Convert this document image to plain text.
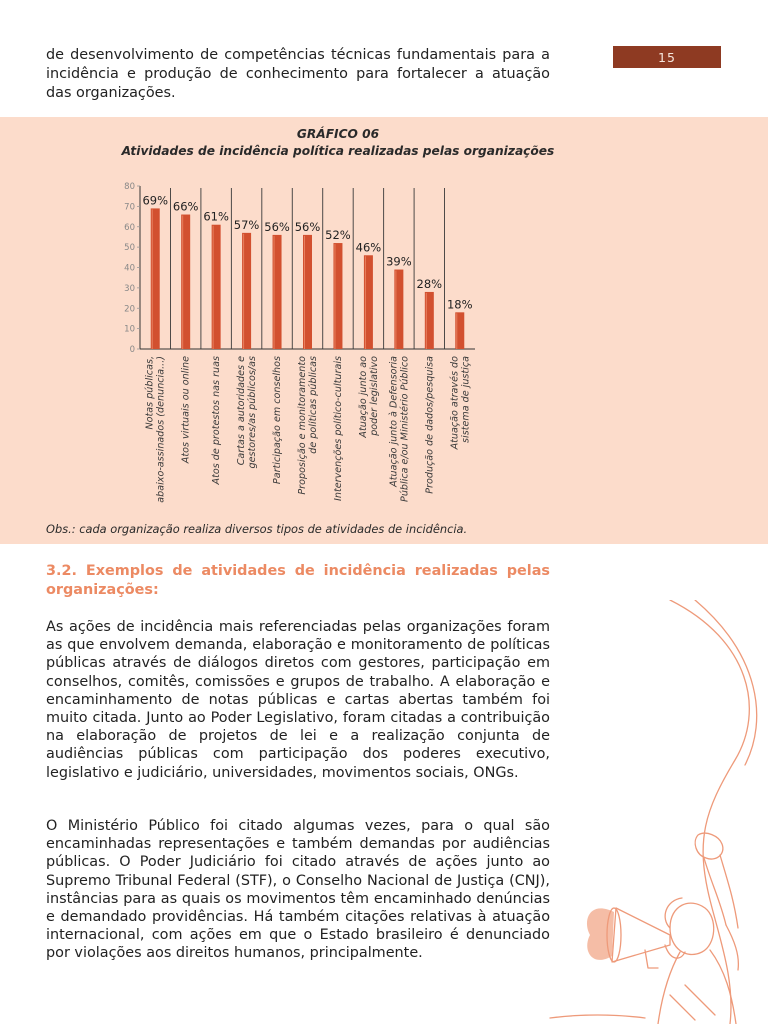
de desenvolvimento de competências técnicas fundamentais para a incidência e produção de conhecimento para fortalecer a atuação das organizações.

15
GRÁFICO 06
Atividades de incidência política realizadas pelas organizações
0
10
20
30
40
50
60
70
80
69% 66%
61%
57% 56% 56%
52%
46%
39%
28%
18%
Notas públicas,abaixo-assinados (denuncia...) Atos virtuais ou online Atos de protestos nas ruas Cartas a autoridades egestores/as públicos/as Participação em conselhos Proposição e monitoramentode políticas públicas Intervenções político-culturais Atuação junto aopoder legislativo Atuação junto à DefensoriaPública e/ou Ministério Público Produção de dados/pesquisa Atuação através dosistema de justiça
Obs.: cada organização realiza diversos tipos de atividades de incidência.
3.2. Exemplos de atividades de incidência realizadas pelas organizações:

As ações de incidência mais referenciadas pelas organizações foram as que envolvem demanda, elaboração e monitoramento de políticas públicas através de diálogos diretos com gestores, participação em conselhos, comitês, comissões e grupos de trabalho. A elaboração e encaminhamento de notas públicas e cartas abertas também foi muito citada. Junto ao Poder Legislativo, foram citadas a contribuição na elaboração de projetos de lei e a realização conjunta de audiências públicas com participação dos poderes executivo, legislativo e judiciário, universidades, movimentos sociais, ONGs.

O Ministério Público foi citado algumas vezes, para o qual são encaminhadas representações e também demandas por audiências públicas. O Poder Judiciário foi citado através de ações junto ao Supremo Tribunal Federal (STF), o Conselho Nacional de Justiça (CNJ), instâncias para as quais os movimentos têm encaminhado denúncias e demandado providências. Há também citações relativas à atuação internacional, com ações em que o Estado brasileiro é denunciado por violações aos direitos humanos, principalmente.
